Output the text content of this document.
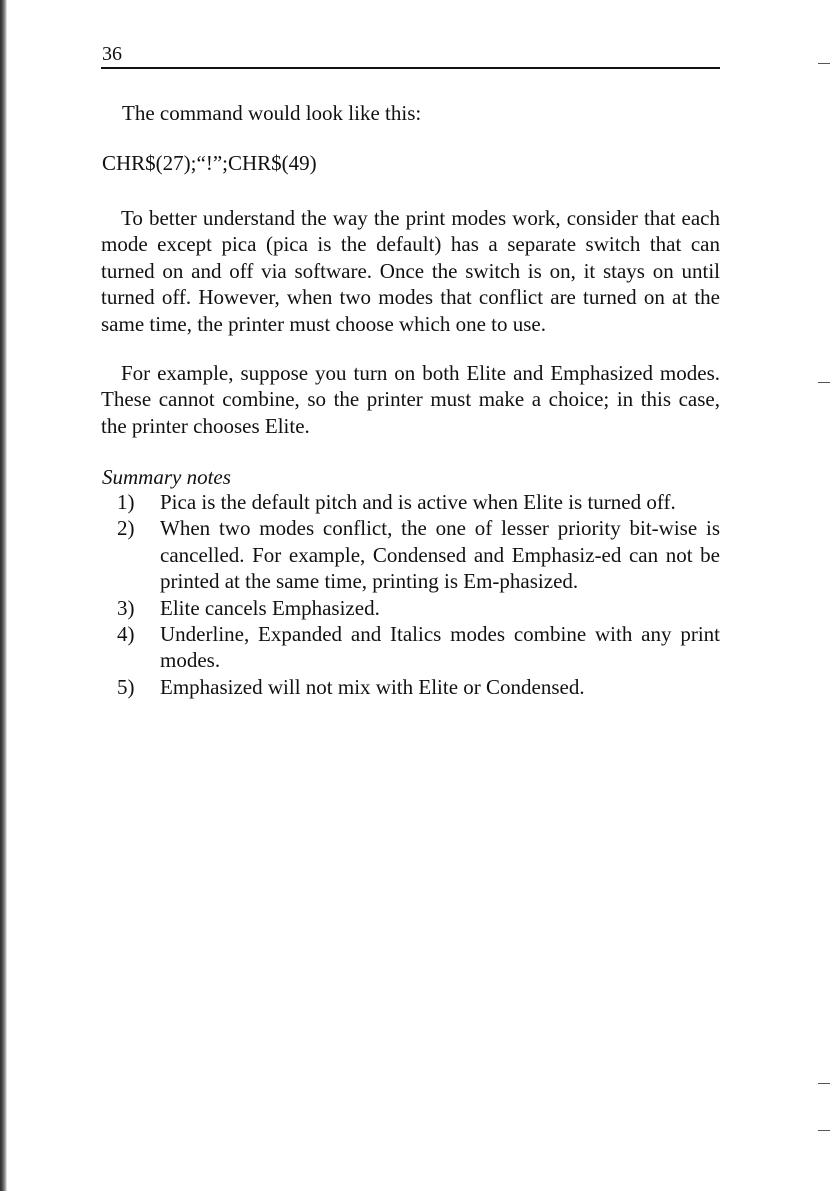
36

The command would look like this:

CHR$(27);“!”;CHR$(49)

To better understand the way the print modes work, consider that each mode except pica (pica is the default) has a separate switch that can turned on and off via software. Once the switch is on, it stays on until turned off. However, when two modes that conflict are turned on at the same time, the printer must choose which one to use.

For example, suppose you turn on both Elite and Emphasized modes. These cannot combine, so the printer must make a choice; in this case, the printer chooses Elite.

Summary notes

1) Pica is the default pitch and is active when Elite is turned off.
2) When two modes conflict, the one of lesser priority bit-wise is cancelled. For example, Condensed and Emphasiz-ed can not be printed at the same time, printing is Em-phasized.
3) Elite cancels Emphasized.
4) Underline, Expanded and Italics modes combine with any print modes.
5) Emphasized will not mix with Elite or Condensed.
